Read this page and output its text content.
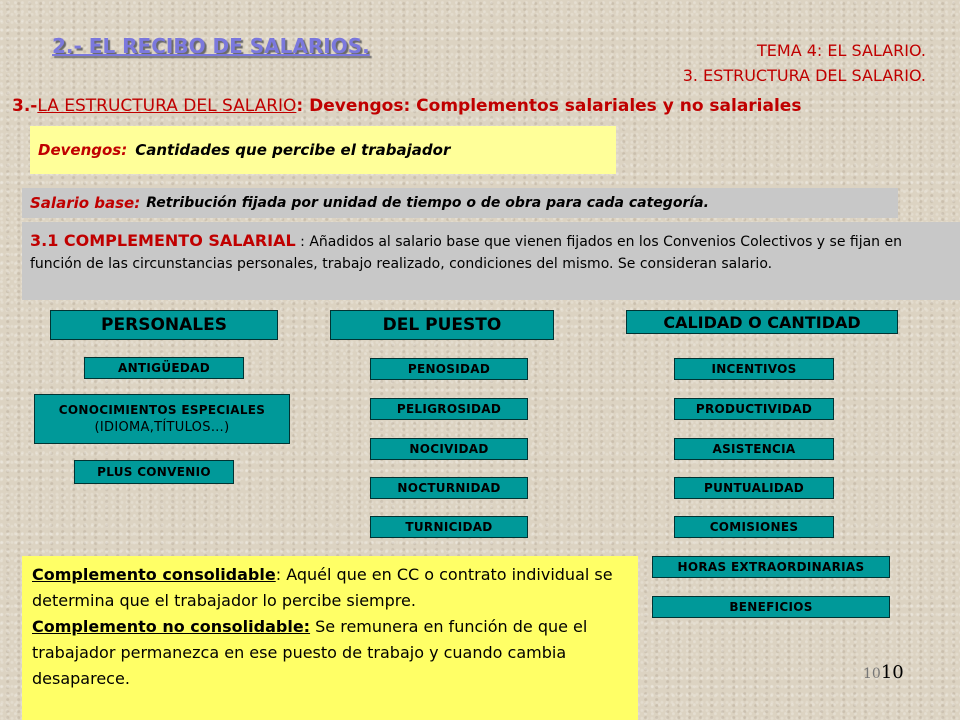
2.- EL RECIBO DE SALARIOS.	TEMA 4: EL SALARIO.
3. ESTRUCTURA DEL SALARIO.
3.-LA ESTRUCTURA DEL SALARIO: Devengos: Complementos salariales y no salariales
Devengos: Cantidades que percibe el trabajador
Salario base: Retribución fijada por unidad de tiempo o de obra para cada categoría.
3.1 COMPLEMENTO SALARIAL : Añadidos al salario base que vienen fijados en los Convenios Colectivos y se fijan en función de las circunstancias personales, trabajo realizado, condiciones del mismo. Se consideran salario.
PERSONALES
ANTIGÜEDAD
CONOCIMIENTOS ESPECIALES
(IDIOMA,TÍTULOS…)
PLUS CONVENIO
DEL PUESTO
PENOSIDAD
PELIGROSIDAD
NOCIVIDAD
NOCTURNIDAD
TURNICIDAD
CALIDAD O CANTIDAD
INCENTIVOS
PRODUCTIVIDAD
ASISTENCIA
PUNTUALIDAD
COMISIONES
HORAS EXTRAORDINARIAS
BENEFICIOS
Complemento consolidable: Aquél que en CC o contrato individual se determina que el trabajador lo percibe siempre.
Complemento no consolidable: Se remunera en función de que el trabajador permanezca en ese puesto de trabajo y cuando cambia desaparece.	1010
